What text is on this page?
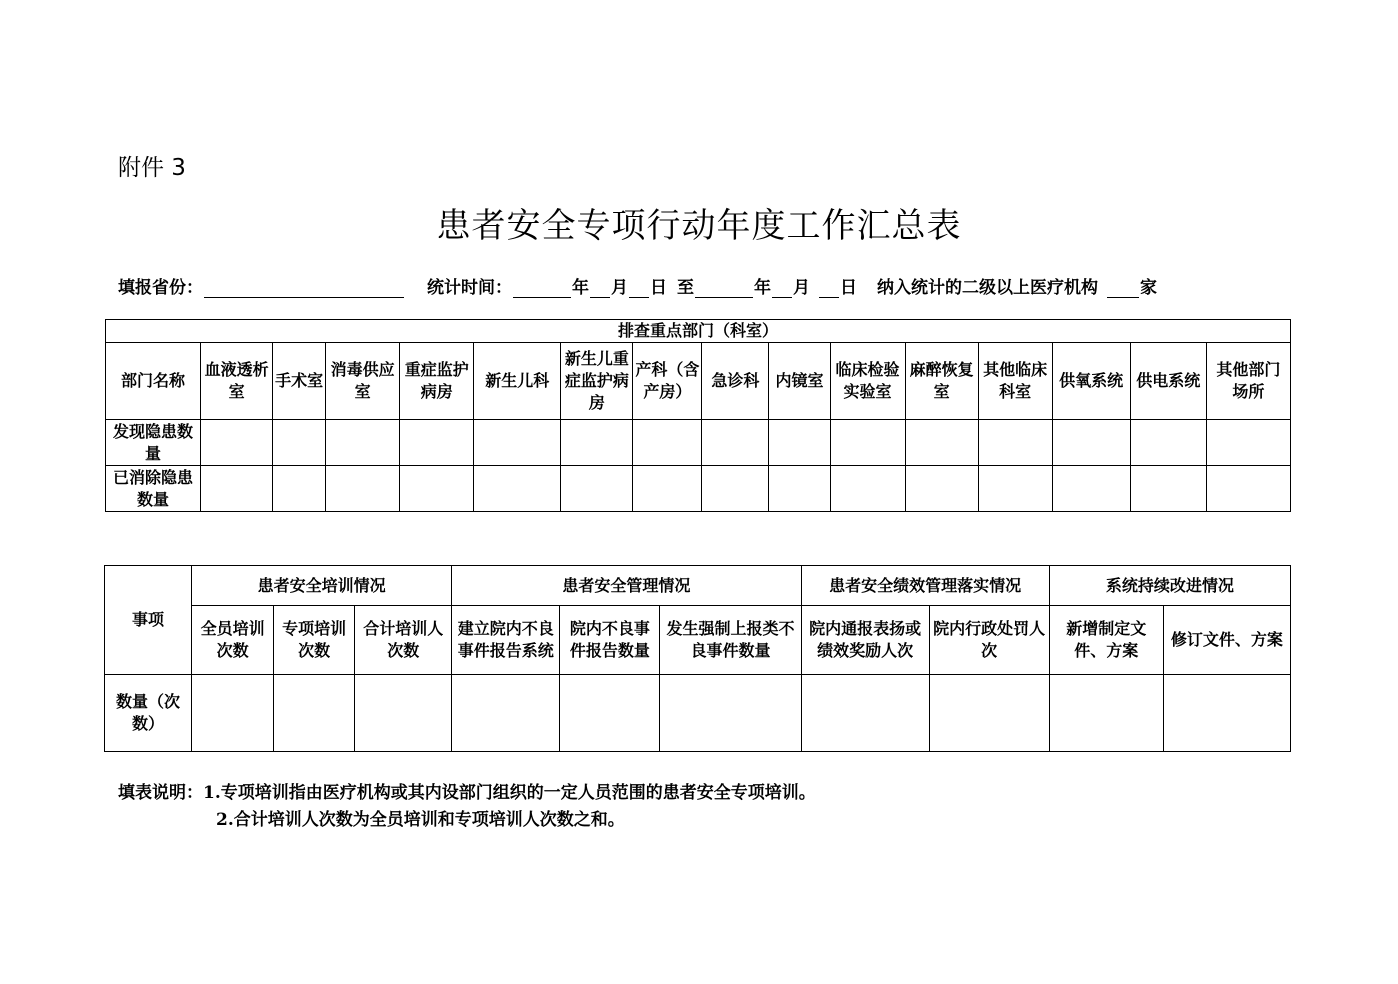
附件 3
患者安全专项行动年度工作汇总表
填报省份：	统计时间：	年 月 日 至	年 月 日 纳入统计的二级以上医疗机构 家
排查重点部门（科室）															
部门名称	血液透析室	手术室	消毒供应室	重症监护病房	新生儿科	新生儿重症监护病房	产科（含产房）	急诊科	内镜室	临床检验实验室	麻醉恢复室	其他临床科室	供氧系统	供电系统	其他部门场所
发现隐患数量															
已消除隐患数量															
事项	患者安全培训情况			患者安全管理情况			患者安全绩效管理落实情况		系统持续改进情况	
	全员培训次数	专项培训次数	合计培训人次数	建立院内不良事件报告系统	院内不良事件报告数量	发生强制上报类不良事件数量	院内通报表扬或绩效奖励人次	院内行政处罚人次	新增制定文件、方案	修订文件、方案
数量（次数）										
填表说明：1.专项培训指由医疗机构或其内设部门组织的一定人员范围的患者安全专项培训。
2.合计培训人次数为全员培训和专项培训人次数之和。
